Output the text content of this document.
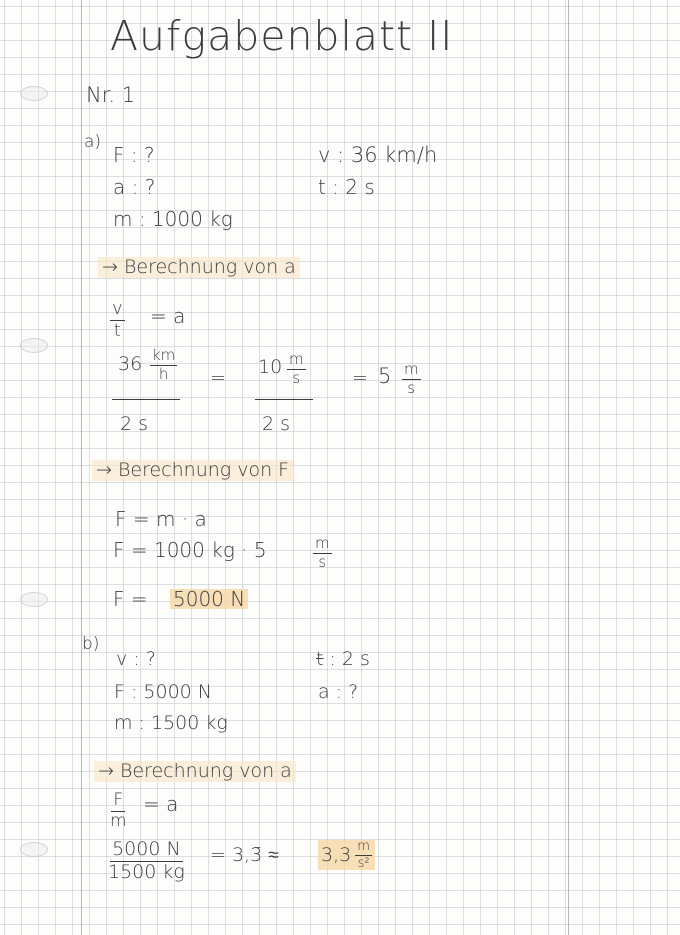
Aufgabenblatt II
Nr. 1
a)
F : ?
a : ?
m : 1000 kg
v : 36 km/h
t : 2 s
→ Berechnung von a
$\frac{v}{t} = a$
$36 \frac{km}{h}$
2 s
= $10 \frac{m}{s}$
2 s
= $5 \frac{m}{s}$
→ Berechnung von F
F = m · a
F = 1000 kg · 5	$\frac{m}{s}$
F = 5000 N
b)
v : ?
F : 5000 N
m : 1500 kg
t : 2 s
a : ?
→ Berechnung von a
$\frac{F}{m} = a$
$\frac{5000 N}{1500 kg}$ = 3,3̄ ≈ $3,3 \frac{m}{\text{s²}}$
